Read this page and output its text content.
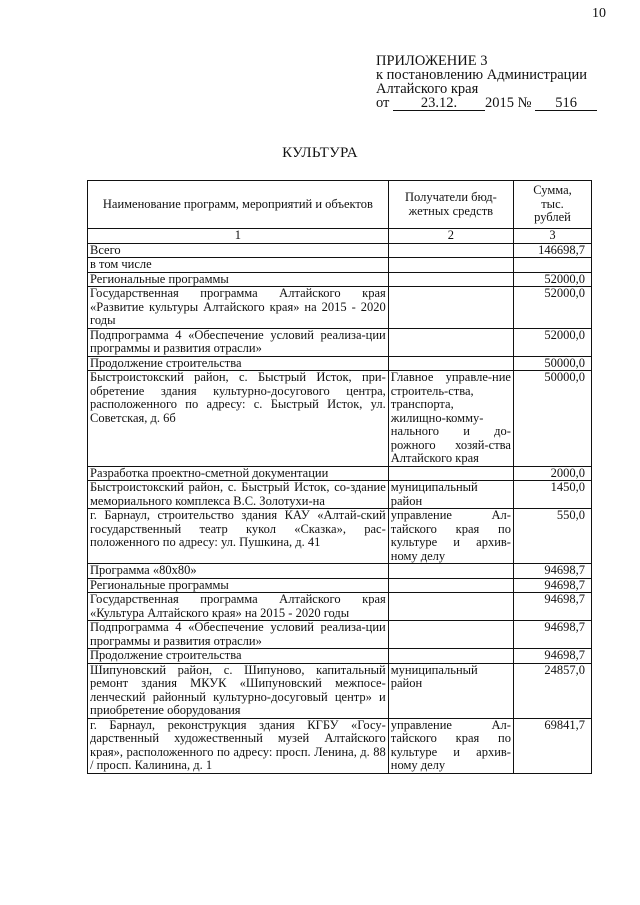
10
ПРИЛОЖЕНИЕ 3
к постановлению Администрации
Алтайского края
от 23.12. 2015 № 516
КУЛЬТУРА
Наименование программ, мероприятий и объектов	Получатели бюд-жетных средств	Сумма, тыс. рублей
1	2	3
Всего		146698,7
в том числе		
Региональные программы		52000,0
Государственная программа Алтайского края «Развитие культуры Алтайского края» на 2015 - 2020 годы		52000,0
Подпрограмма 4 «Обеспечение условий реализа-ции программы и развития отрасли»		52000,0
Продолжение строительства		50000,0
Быстроистокский район, с. Быстрый Исток, при-обретение здания культурно-досугового центра, расположенного по адресу: с. Быстрый Исток, ул. Советская, д. 6б	Главное управле-ние строитель-ства, транспорта, жилищно-комму-нального и до-рожного хозяй-ства Алтайского края	50000,0
Разработка проектно-сметной документации		2000,0
Быстроистокский район, с. Быстрый Исток, со-здание мемориального комплекса В.С. Золотухи-на	муниципальный район	1450,0
г. Барнаул, строительство здания КАУ «Алтай-ский государственный театр кукол «Сказка», рас-положенного по адресу: ул. Пушкина, д. 41	управление Ал-тайского края по культуре и архив-ному делу	550,0
Программа «80х80»		94698,7
Региональные программы		94698,7
Государственная программа Алтайского края «Культура Алтайского края» на 2015 - 2020 годы		94698,7
Подпрограмма 4 «Обеспечение условий реализа-ции программы и развития отрасли»		94698,7
Продолжение строительства		94698,7
Шипуновский район, с. Шипуново, капитальный ремонт здания МКУК «Шипуновский межпосе-ленческий районный культурно-досуговый центр» и приобретение оборудования	муниципальный район	24857,0
г. Барнаул, реконструкция здания КГБУ «Госу-дарственный художественный музей Алтайского края», расположенного по адресу: просп. Ленина, д. 88 / просп. Калинина, д. 1	управление Ал-тайского края по культуре и архив-ному делу	69841,7
